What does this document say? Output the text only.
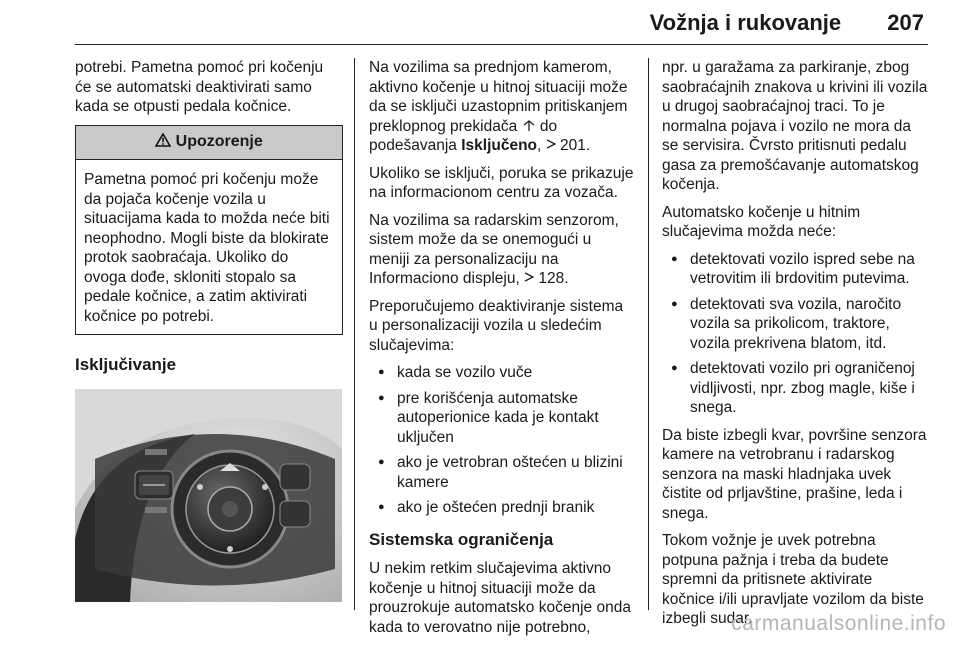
Vožnja i rukovanje 207

potrebi. Pametna pomoć pri kočenju će se automatski deaktivirati samo kada se otpusti pedala kočnice.

Upozorenje
Pametna pomoć pri kočenju može da pojača kočenje vozila u situacijama kada to možda neće biti neophodno. Mogli biste da blokirate protok saobraćaja. Ukoliko do ovoga dođe, skloniti stopalo sa pedale kočnice, a zatim aktivirati kočnice po potrebi.
Isključivanje

Na vozilima sa prednjom kamerom, aktivno kočenje u hitnoj situaciji može da se isključi uzastopnim pritiskanjem preklopnog prekidača  do podešavanja Isključeno,  201.

Ukoliko se isključi, poruka se prikazuje na informacionom centru za vozača.

Na vozilima sa radarskim senzorom, sistem može da se onemogući u meniji za personalizaciju na Informaciono displeju,  128.

Preporučujemo deaktiviranje sistema u personalizaciji vozila u sledećim slučajevima:

● kada se vozilo vuče
● pre korišćenja automatske autoperionice kada je kontakt uključen
● ako je vetrobran oštećen u blizini kamere
● ako je oštećen prednji branik
Sistemska ograničenja

U nekim retkim slučajevima aktivno kočenje u hitnoj situaciji može da prouzrokuje automatsko kočenje onda kada to verovatno nije potrebno,

npr. u garažama za parkiranje, zbog saobraćajnih znakova u krivini ili vozila u drugoj saobraćajnoj traci. To je normalna pojava i vozilo ne mora da se servisira. Čvrsto pritisnuti pedalu gasa za premošćavanje automatskog kočenja.

Automatsko kočenje u hitnim slučajevima možda neće:

● detektovati vozilo ispred sebe na vetrovitim ili brdovitim putevima.
● detektovati sva vozila, naročito vozila sa prikolicom, traktore, vozila prekrivena blatom, itd.
● detektovati vozilo pri ograničenoj vidljivosti, npr. zbog magle, kiše i snega.

Da biste izbegli kvar, površine senzora kamere na vetrobranu i radarskog senzora na maski hladnjaka uvek čistite od prljavštine, prašine, leda i snega.

Tokom vožnje je uvek potrebna potpuna pažnja i treba da budete spremni da pritisnete aktivirate kočnice i/ili upravljate vozilom da biste izbegli sudar.

carmanualsonline.info
